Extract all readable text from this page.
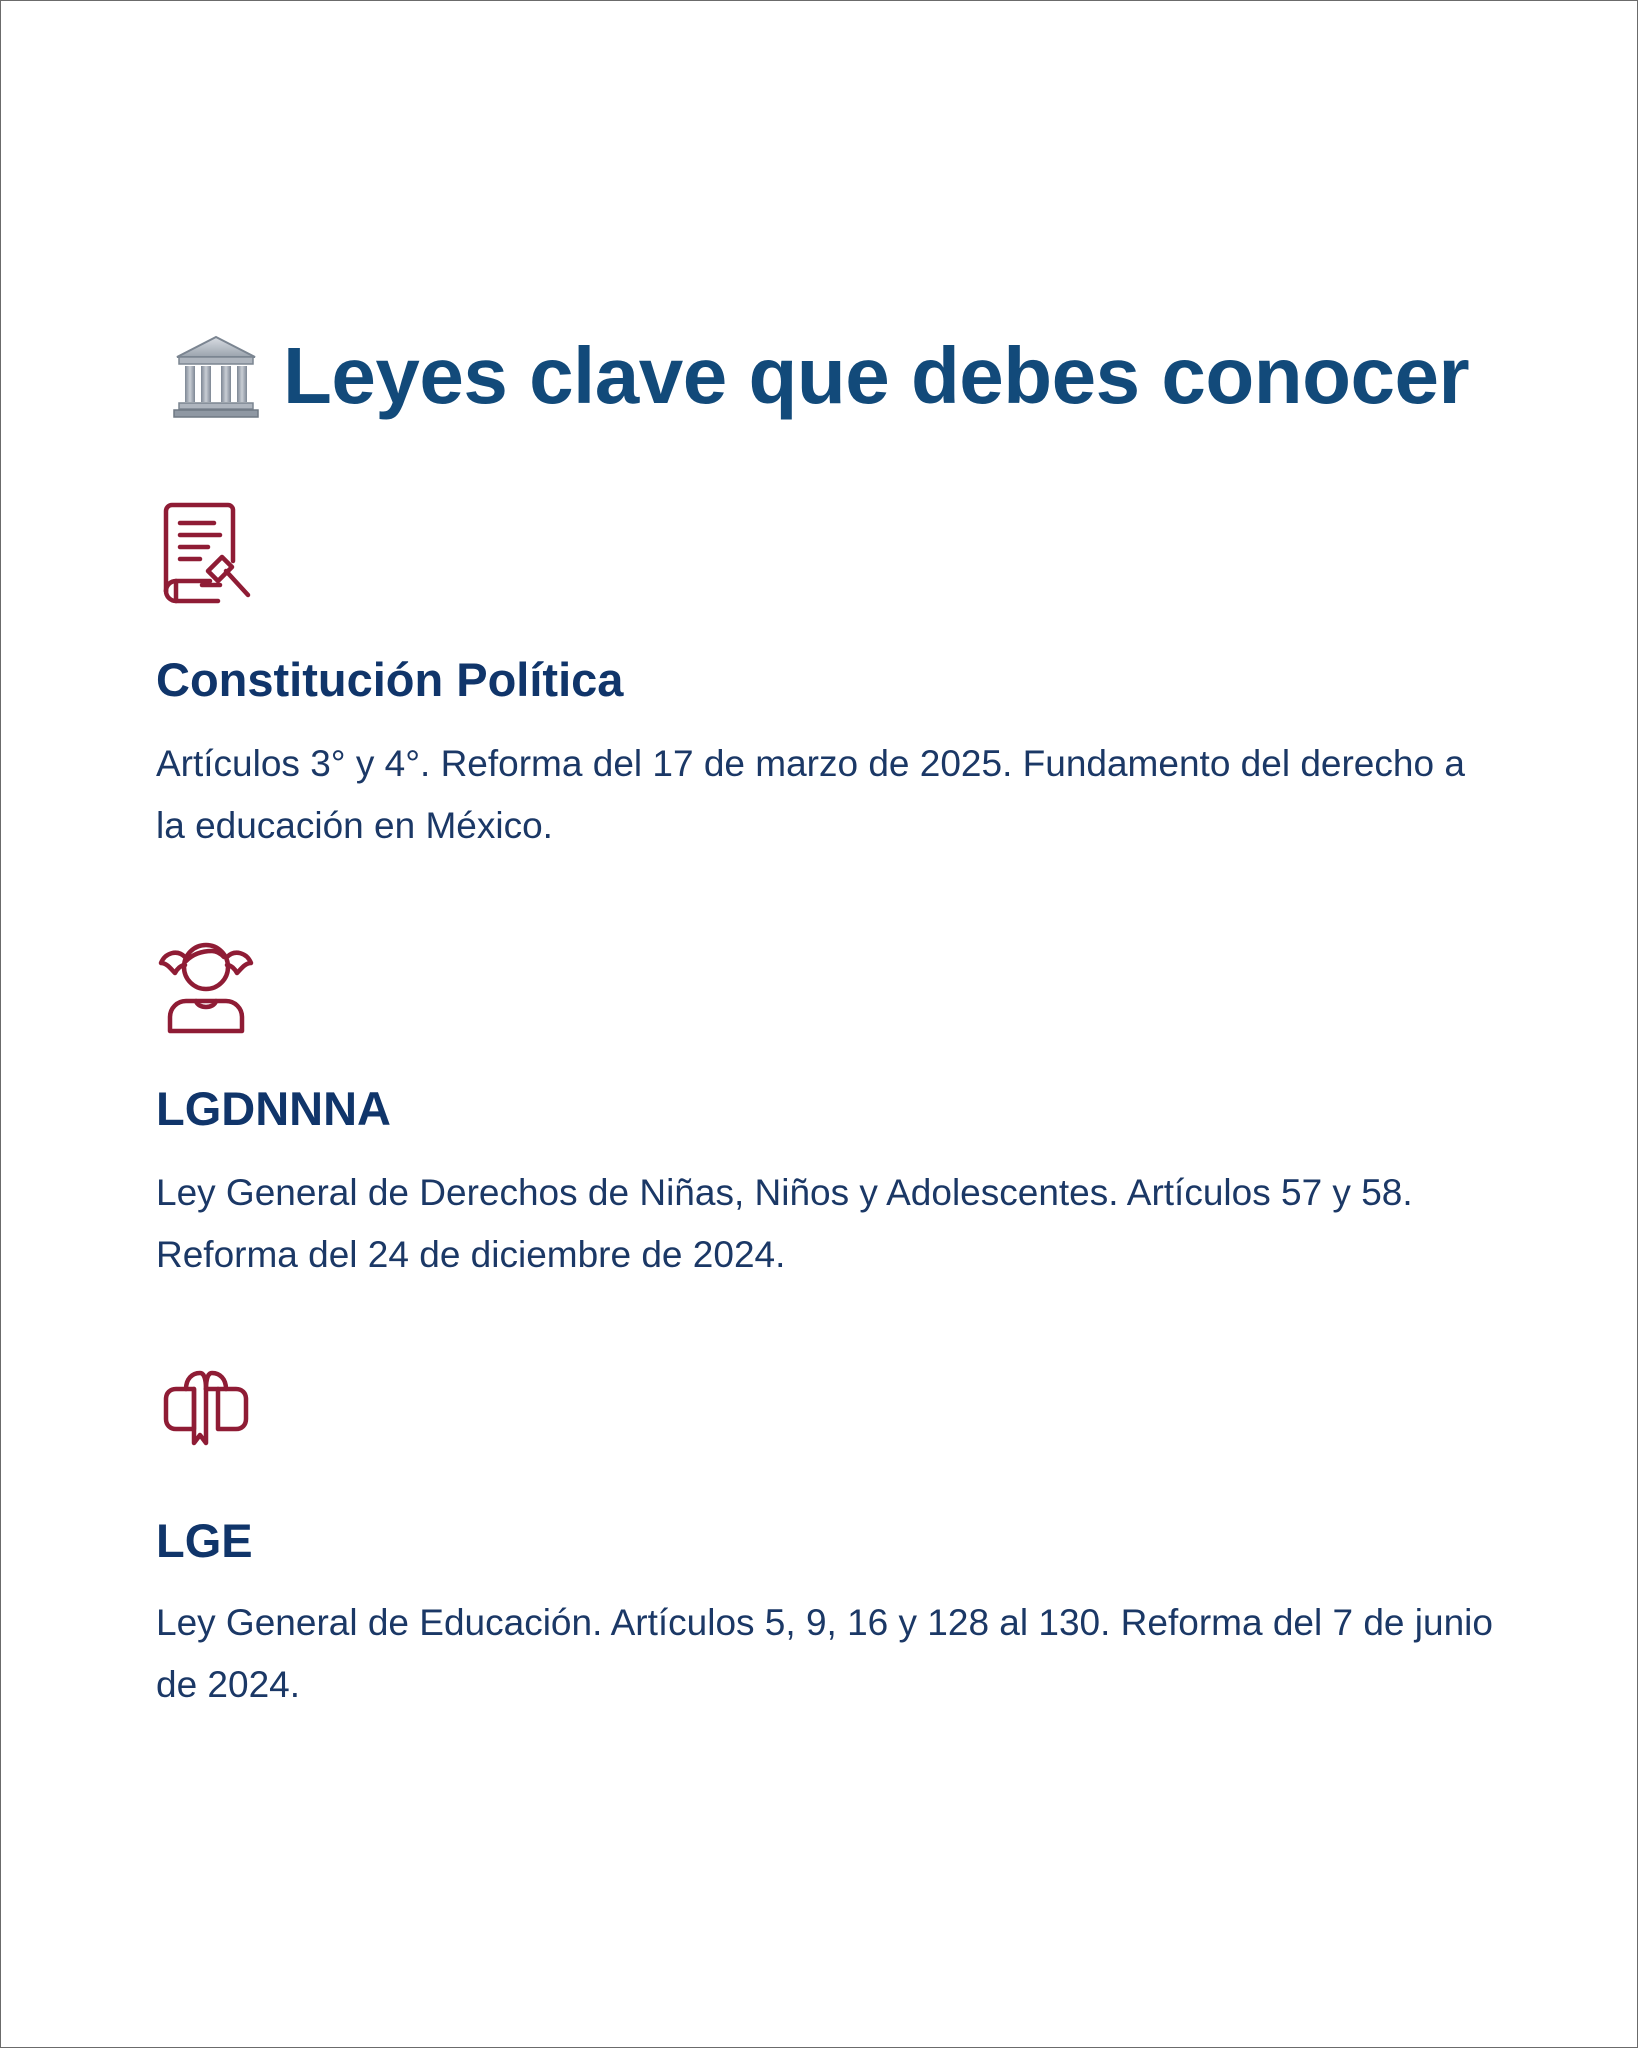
Leyes clave que debes conocer
Constitución Política

Artículos 3° y 4°. Reforma del 17 de marzo de 2025. Fundamento del derecho a la educación en México.

LGDNNNA

Ley General de Derechos de Niñas, Niños y Adolescentes. Artículos 57 y 58. Reforma del 24 de diciembre de 2024.

LGE

Ley General de Educación. Artículos 5, 9, 16 y 128 al 130. Reforma del 7 de junio de 2024.
